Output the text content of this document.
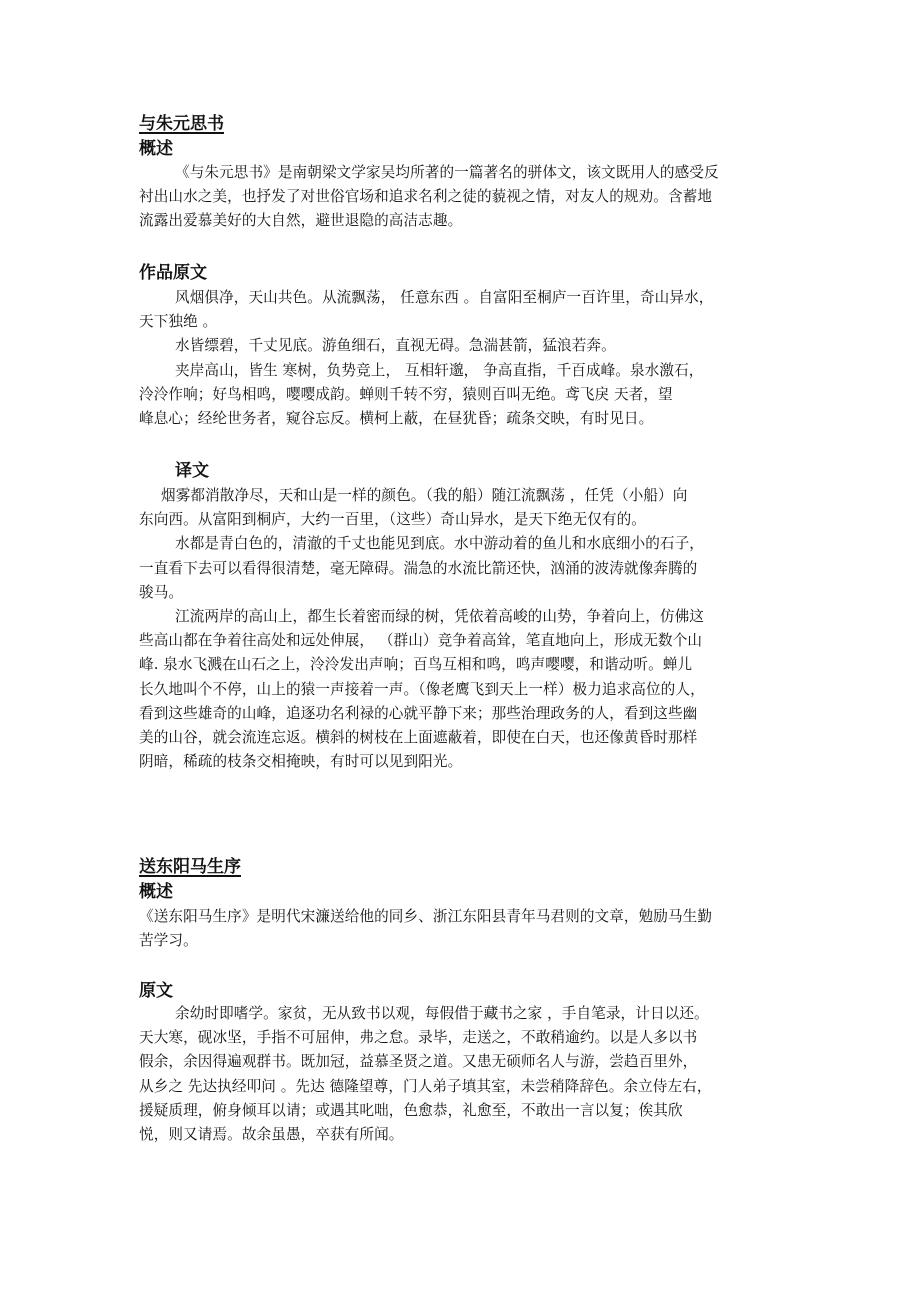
与朱元思书
概述
《与朱元思书》是南朝梁文学家吴均所著的一篇著名的骈体文，该文既用人的感受反
衬出山水之美，也抒发了对世俗官场和追求名利之徒的藐视之情，对友人的规劝。含蓄地
流露出爱慕美好的大自然，避世退隐的高洁志趣。
作品原文
风烟俱净，天山共色。从流飘荡， 任意东西 。自富阳至桐庐一百许里，奇山异水，
天下独绝 。
水皆缥碧，千丈见底。游鱼细石，直视无碍。急湍甚箭，猛浪若奔。
夹岸高山，皆生 寒树，负势竞上， 互相轩邈， 争高直指，千百成峰。泉水激石，
泠泠作响；好鸟相鸣，嘤嘤成韵。蝉则千转不穷，猿则百叫无绝。鸢飞戾 天者，望
峰息心；经纶世务者，窥谷忘反。横柯上蔽，在昼犹昏；疏条交映，有时见日。
译文
烟雾都消散净尽，天和山是一样的颜色。（我的船）随江流飘荡 ，任凭（小船）向
东向西。从富阳到桐庐，大约一百里，（这些）奇山异水，是天下绝无仅有的。
水都是青白色的，清澈的千丈也能见到底。水中游动着的鱼儿和水底细小的石子，
一直看下去可以看得很清楚，毫无障碍。湍急的水流比箭还快，汹涌的波涛就像奔腾的
骏马。
江流两岸的高山上，都生长着密而绿的树，凭依着高峻的山势，争着向上，仿佛这
些高山都在争着往高处和远处伸展， （群山）竞争着高耸，笔直地向上，形成无数个山
峰. 泉水飞溅在山石之上，泠泠发出声响；百鸟互相和鸣，鸣声嘤嘤，和谐动听。蝉儿
长久地叫个不停，山上的猿一声接着一声。（像老鹰飞到天上一样）极力追求高位的人，
看到这些雄奇的山峰，追逐功名利禄的心就平静下来；那些治理政务的人，看到这些幽
美的山谷，就会流连忘返。横斜的树枝在上面遮蔽着，即使在白天，也还像黄昏时那样
阴暗，稀疏的枝条交相掩映，有时可以见到阳光。
送东阳马生序
概述
《送东阳马生序》是明代宋濂送给他的同乡、浙江东阳县青年马君则的文章，勉励马生勤
苦学习。
原文
余幼时即嗜学。家贫，无从致书以观，每假借于藏书之家 ，手自笔录，计日以还。
天大寒，砚冰坚，手指不可屈伸，弗之怠。录毕，走送之，不敢稍逾约。以是人多以书
假余，余因得遍观群书。既加冠，益慕圣贤之道。又患无硕师名人与游，尝趋百里外，
从乡之 先达执经叩问 。先达 德隆望尊，门人弟子填其室，未尝稍降辞色。余立侍左右，
援疑质理，俯身倾耳以请；或遇其叱咄，色愈恭，礼愈至，不敢出一言以复；俟其欣
悦，则又请焉。故余虽愚，卒获有所闻。
